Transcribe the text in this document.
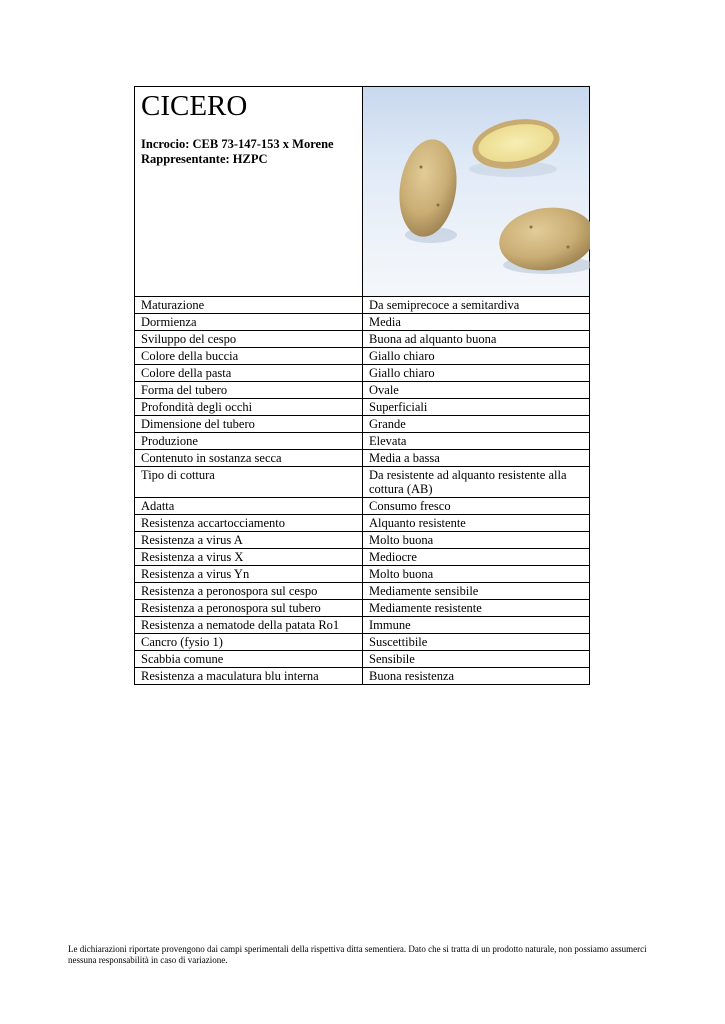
CICERO
Incrocio: CEB 73-147-153 x Morene
Rappresentante: HZPC
Maturazione	Da semiprecoce a semitardiva
Dormienza	Media
Sviluppo del cespo	Buona ad alquanto buona
Colore della buccia	Giallo chiaro
Colore della pasta	Giallo chiaro
Forma del tubero	Ovale
Profondità degli occhi	Superficiali
Dimensione del tubero	Grande
Produzione	Elevata
Contenuto in sostanza secca	Media a bassa
Tipo di cottura	Da resistente ad alquanto resistente alla cottura (AB)
Adatta	Consumo fresco
Resistenza accartocciamento	Alquanto resistente
Resistenza a virus A	Molto buona
Resistenza a virus X	Mediocre
Resistenza a virus Yn	Molto buona
Resistenza a peronospora sul cespo	Mediamente sensibile
Resistenza a peronospora sul tubero	Mediamente resistente
Resistenza a nematode della patata Ro1	Immune
Cancro (fysio 1)	Suscettibile
Scabbia comune	Sensibile
Resistenza a maculatura blu interna	Buona resistenza
Le dichiarazioni riportate provengono dai campi sperimentali della rispettiva ditta sementiera. Dato che si tratta di un prodotto naturale, non possiamo assumerci nessuna responsabilità in caso di variazione.
